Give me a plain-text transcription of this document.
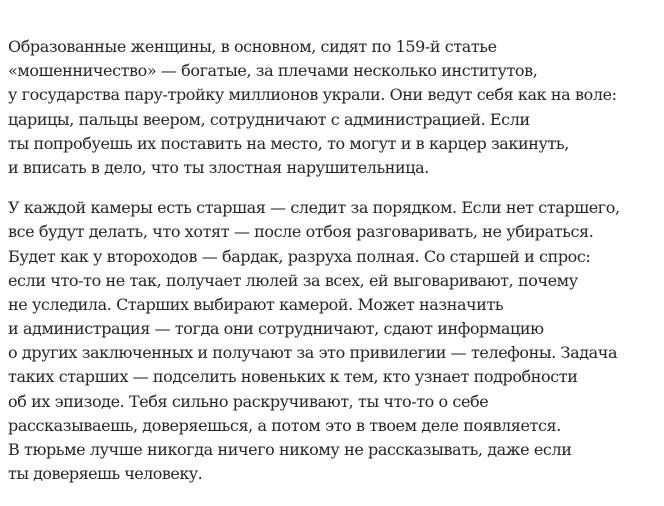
Образованные женщины, в основном, сидят по 159-й статье
«мошенничество» — богатые, за плечами несколько институтов,
у государства пару-тройку миллионов украли. Они ведут себя как на воле:
царицы, пальцы веером, сотрудничают с администрацией. Если
ты попробуешь их поставить на место, то могут и в карцер закинуть,
и вписать в дело, что ты злостная нарушительница.

У каждой камеры есть старшая — следит за порядком. Если нет старшего,
все будут делать, что хотят — после отбоя разговаривать, не убираться.
Будет как у второходов — бардак, разруха полная. Со старшей и спрос:
если что-то не так, получает люлей за всех, ей выговаривают, почему
не уследила. Старших выбирают камерой. Может назначить
и администрация — тогда они сотрудничают, сдают информацию
о других заключенных и получают за это привилегии — телефоны. Задача
таких старших — подселить новеньких к тем, кто узнает подробности
об их эпизоде. Тебя сильно раскручивают, ты что-то о себе
рассказываешь, доверяешься, а потом это в твоем деле появляется.
В тюрьме лучше никогда ничего никому не рассказывать, даже если
ты доверяешь человеку.
